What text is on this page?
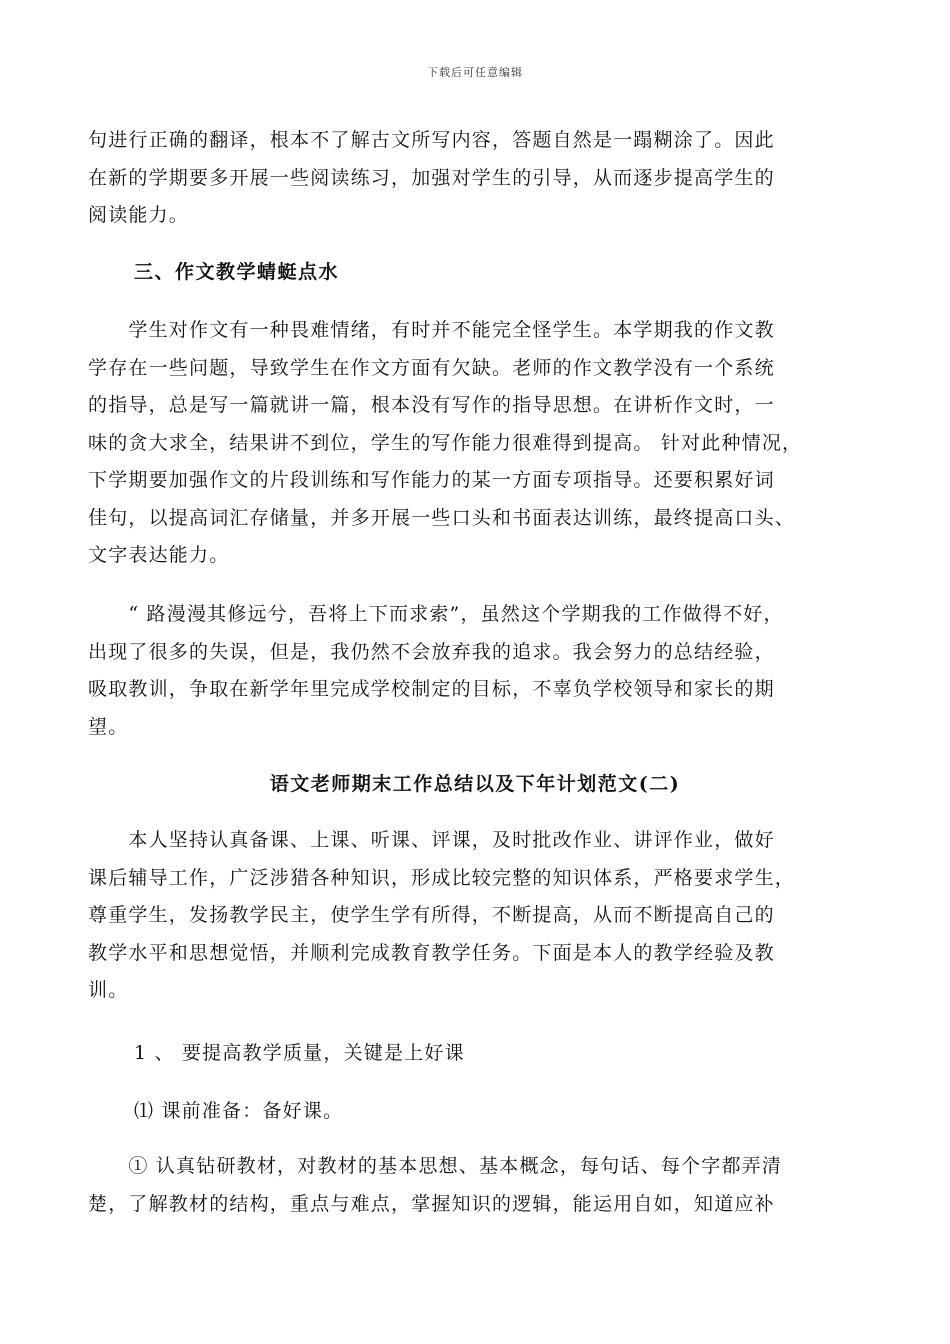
下载后可任意编辑
句进行正确的翻译，根本不了解古文所写内容，答题自然是一蹋糊涂了。因此
在新的学期要多开展一些阅读练习，加强对学生的引导，从而逐步提高学生的
阅读能力。
三、作文教学蜻蜓点水
　　学生对作文有一种畏难情绪，有时并不能完全怪学生。本学期我的作文教
学存在一些问题，导致学生在作文方面有欠缺。老师的作文教学没有一个系统
的指导，总是写一篇就讲一篇，根本没有写作的指导思想。在讲析作文时，一
味的贪大求全，结果讲不到位，学生的写作能力很难得到提高。 针对此种情况，
下学期要加强作文的片段训练和写作能力的某一方面专项指导。还要积累好词
佳句，以提高词汇存储量，并多开展一些口头和书面表达训练，最终提高口头、
文字表达能力。
　　“ 路漫漫其修远兮，吾将上下而求索”，虽然这个学期我的工作做得不好，
出现了很多的失误，但是，我仍然不会放弃我的追求。我会努力的总结经验，
吸取教训，争取在新学年里完成学校制定的目标，不辜负学校领导和家长的期
望。
语文老师期末工作总结以及下年计划范文(二)
　　本人坚持认真备课、上课、听课、评课，及时批改作业、讲评作业，做好
课后辅导工作，广泛涉猎各种知识，形成比较完整的知识体系，严格要求学生，
尊重学生，发扬教学民主，使学生学有所得，不断提高，从而不断提高自己的
教学水平和思想觉悟，并顺利完成教育教学任务。下面是本人的教学经验及教
训。
1 、 要提高教学质量，关键是上好课
⑴ 课前准备：备好课。
　　① 认真钻研教材，对教材的基本思想、基本概念，每句话、每个字都弄清
楚，了解教材的结构，重点与难点，掌握知识的逻辑，能运用自如，知道应补
